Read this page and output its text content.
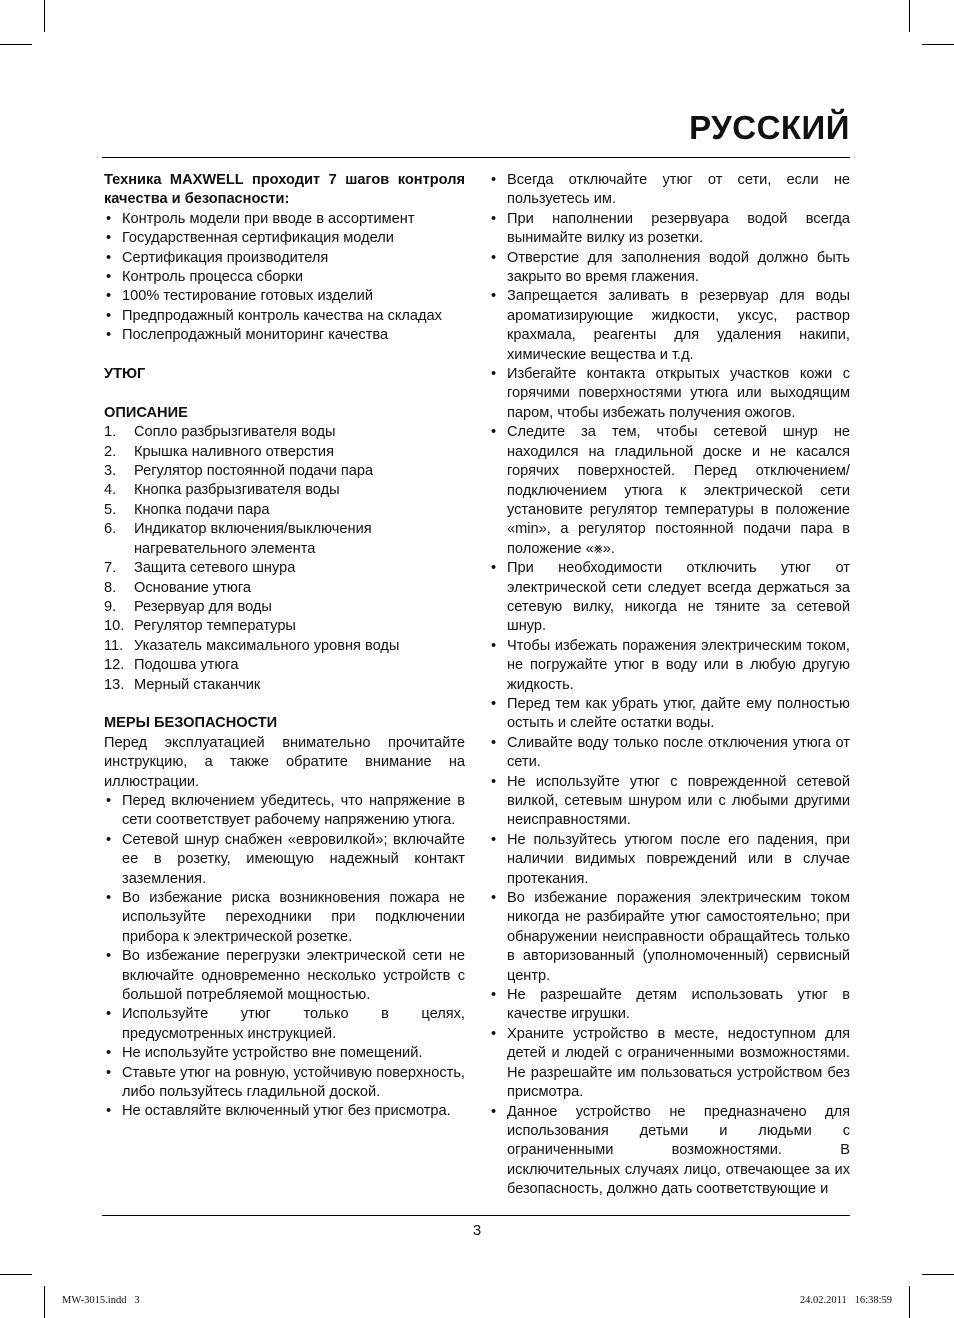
РУССКИЙ

Техника MAXWELL проходит 7 шагов контроля качества и безопасности:

• Контроль модели при вводе в ассортимент
• Государственная сертификация модели
• Сертификация производителя
• Контроль процесса сборки
• 100% тестирование готовых изделий
• Предпродажный контроль качества на складах
• Послепродажный мониторинг качества

УТЮГ

ОПИСАНИЕ

1. Сопло разбрызгивателя воды
2. Крышка наливного отверстия
3. Регулятор постоянной подачи пара
4. Кнопка разбрызгивателя воды
5. Кнопка подачи пара
6. Индикатор включения/выключения нагревательного элемента
7. Защита сетевого шнура
8. Основание утюга
9. Резервуар для воды
10. Регулятор температуры
11. Указатель максимального уровня воды
12. Подошва утюга
13. Мерный стаканчик

МЕРЫ БЕЗОПАСНОСТИ

Перед эксплуатацией внимательно прочитайте инструкцию, а также обратите внимание на иллюстрации.

• Перед включением убедитесь, что напряжение в сети соответствует рабочему напряжению утюга.
• Сетевой шнур снабжен «евровилкой»; включайте ее в розетку, имеющую надежный контакт заземления.
• Во избежание риска возникновения пожара не используйте переходники при подключении прибора к электрической розетке.
• Во избежание перегрузки электрической сети не включайте одновременно несколько устройств с большой потребляемой мощностью.
• Используйте утюг только в целях, предусмотренных инструкцией.
• Не используйте устройство вне помещений.
• Ставьте утюг на ровную, устойчивую поверхность, либо пользуйтесь гладильной доской.
• Не оставляйте включенный утюг без присмотра.
• Всегда отключайте утюг от сети, если не пользуетесь им.
• При наполнении резервуара водой всегда вынимайте вилку из розетки.
• Отверстие для заполнения водой должно быть закрыто во время глажения.
• Запрещается заливать в резервуар для воды ароматизирующие жидкости, уксус, раствор крахмала, реагенты для удаления накипи, химические вещества и т.д.
• Избегайте контакта открытых участков кожи с горячими поверхностями утюга или выходящим паром, чтобы избежать получения ожогов.
• Следите за тем, чтобы сетевой шнур не находился на гладильной доске и не касался горячих поверхностей. Перед отключением/подключением утюга к электрической сети установите регулятор температуры в положение «min», а регулятор постоянной подачи пара в положение «⨳».
• При необходимости отключить утюг от электрической сети следует всегда держаться за сетевую вилку, никогда не тяните за сетевой шнур.
• Чтобы избежать поражения электрическим током, не погружайте утюг в воду или в любую другую жидкость.
• Перед тем как убрать утюг, дайте ему полностью остыть и слейте остатки воды.
• Сливайте воду только после отключения утюга от сети.
• Не используйте утюг с поврежденной сетевой вилкой, сетевым шнуром или с любыми другими неисправностями.
• Не пользуйтесь утюгом после его падения, при наличии видимых повреждений или в случае протекания.
• Во избежание поражения электрическим током никогда не разбирайте утюг самостоятельно; при обнаружении неисправности обращайтесь только в авторизованный (уполномоченный) сервисный центр.
• Не разрешайте детям использовать утюг в качестве игрушки.
• Храните устройство в месте, недоступном для детей и людей с ограниченными возможностями. Не разрешайте им пользоваться устройством без присмотра.
• Данное устройство не предназначено для использования детьми и людьми с ограниченными возможностями. В исключительных случаях лицо, отвечающее за их безопасность, должно дать соответствующие и
3
MW-3015.indd   3	24.02.2011   16:38:59
